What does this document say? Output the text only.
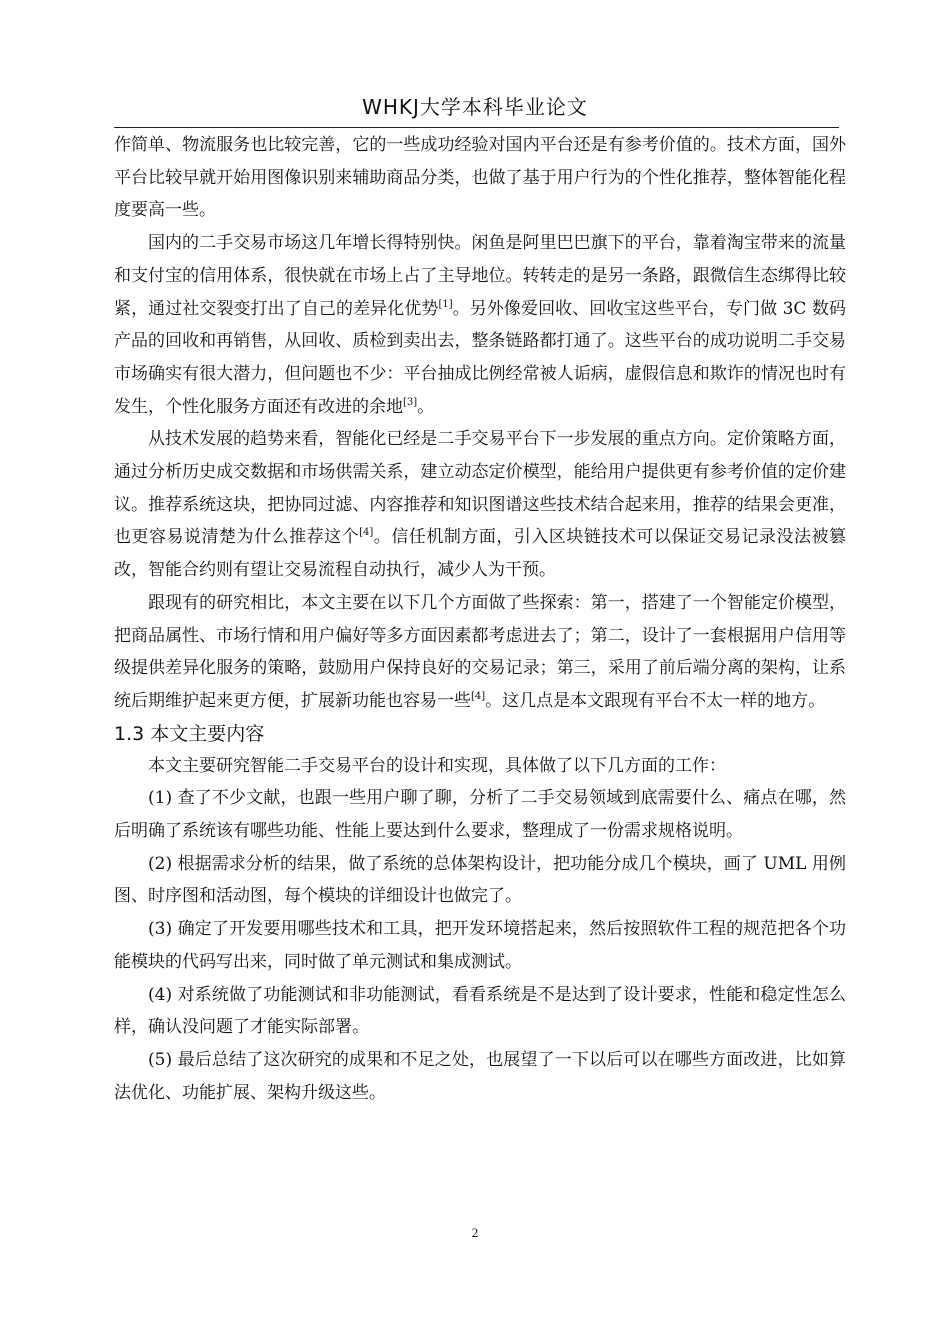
WHKJ大学本科毕业论文

作简单、物流服务也比较完善，它的一些成功经验对国内平台还是有参考价值的。技术方面，国外平台比较早就开始用图像识别来辅助商品分类，也做了基于用户行为的个性化推荐，整体智能化程度要高一些。

国内的二手交易市场这几年增长得特别快。闲鱼是阿里巴巴旗下的平台，靠着淘宝带来的流量和支付宝的信用体系，很快就在市场上占了主导地位。转转走的是另一条路，跟微信生态绑得比较紧，通过社交裂变打出了自己的差异化优势[1]。另外像爱回收、回收宝这些平台，专门做 3C 数码产品的回收和再销售，从回收、质检到卖出去，整条链路都打通了。这些平台的成功说明二手交易市场确实有很大潜力，但问题也不少：平台抽成比例经常被人诟病，虚假信息和欺诈的情况也时有发生，个性化服务方面还有改进的余地[3]。

从技术发展的趋势来看，智能化已经是二手交易平台下一步发展的重点方向。定价策略方面，通过分析历史成交数据和市场供需关系，建立动态定价模型，能给用户提供更有参考价值的定价建议。推荐系统这块，把协同过滤、内容推荐和知识图谱这些技术结合起来用，推荐的结果会更准，也更容易说清楚为什么推荐这个[4]。信任机制方面，引入区块链技术可以保证交易记录没法被篡改，智能合约则有望让交易流程自动执行，减少人为干预。

跟现有的研究相比，本文主要在以下几个方面做了些探索：第一，搭建了一个智能定价模型，把商品属性、市场行情和用户偏好等多方面因素都考虑进去了；第二，设计了一套根据用户信用等级提供差异化服务的策略，鼓励用户保持良好的交易记录；第三，采用了前后端分离的架构，让系统后期维护起来更方便，扩展新功能也容易一些[4]。这几点是本文跟现有平台不太一样的地方。

1.3 本文主要内容

本文主要研究智能二手交易平台的设计和实现，具体做了以下几方面的工作：

(1) 查了不少文献，也跟一些用户聊了聊，分析了二手交易领域到底需要什么、痛点在哪，然后明确了系统该有哪些功能、性能上要达到什么要求，整理成了一份需求规格说明。

(2) 根据需求分析的结果，做了系统的总体架构设计，把功能分成几个模块，画了 UML 用例图、时序图和活动图，每个模块的详细设计也做完了。

(3) 确定了开发要用哪些技术和工具，把开发环境搭起来，然后按照软件工程的规范把各个功能模块的代码写出来，同时做了单元测试和集成测试。

(4) 对系统做了功能测试和非功能测试，看看系统是不是达到了设计要求，性能和稳定性怎么样，确认没问题了才能实际部署。

(5) 最后总结了这次研究的成果和不足之处，也展望了一下以后可以在哪些方面改进，比如算法优化、功能扩展、架构升级这些。

2
